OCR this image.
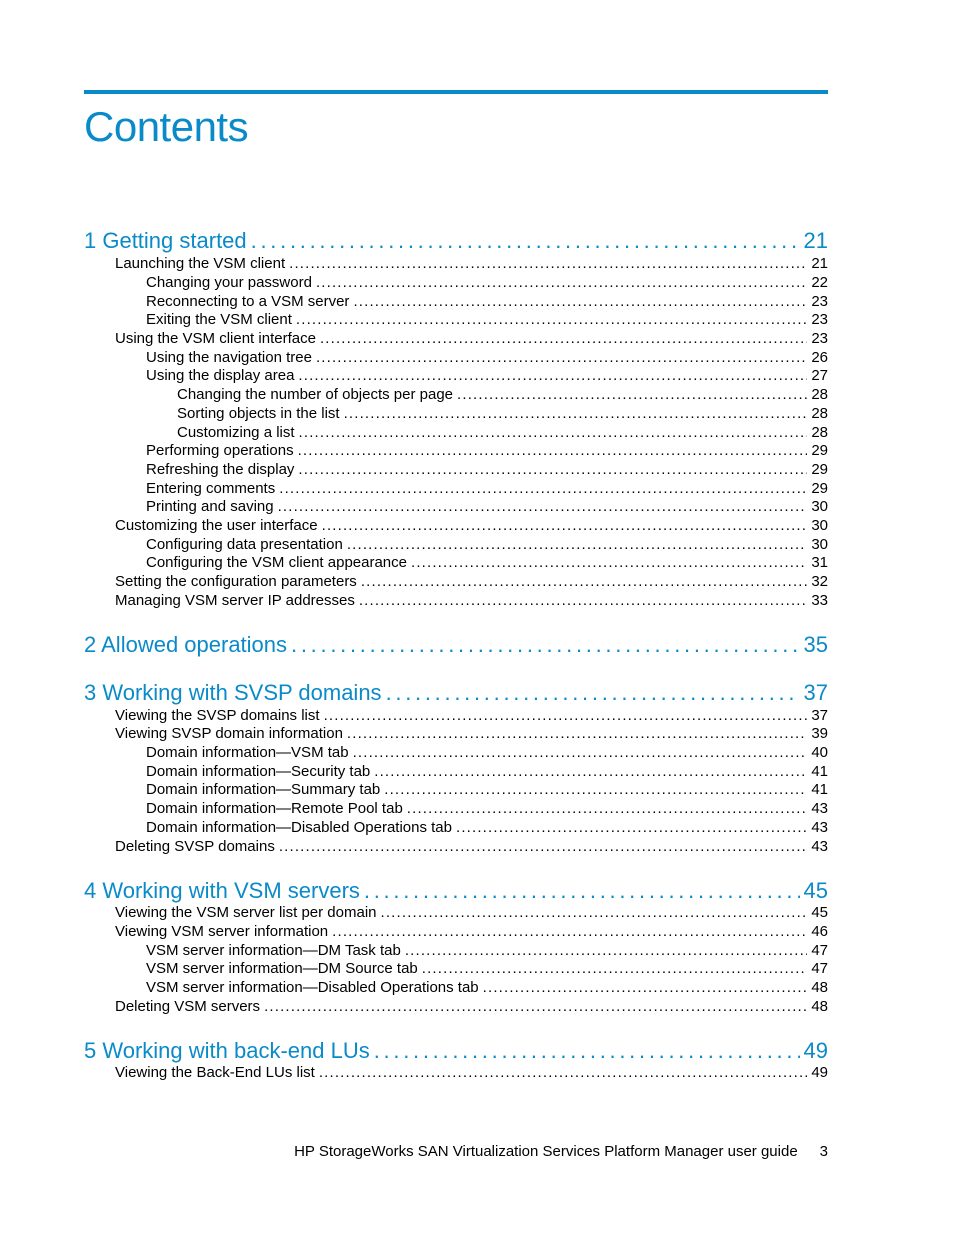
Contents
1 Getting started . . .	21
Launching the VSM client . . .	21
Changing your password . . .	22
Reconnecting to a VSM server . . .	23
Exiting the VSM client . . .	23
Using the VSM client interface . . .	23
Using the navigation tree . . .	26
Using the display area . . .	27
Changing the number of objects per page . . .	28
Sorting objects in the list . . .	28
Customizing a list . . .	28
Performing operations . . .	29
Refreshing the display . . .	29
Entering comments . . .	29
Printing and saving . . .	30
Customizing the user interface . . .	30
Configuring data presentation . . .	30
Configuring the VSM client appearance . . .	31
Setting the configuration parameters . . .	32
Managing VSM server IP addresses . . .	33
2 Allowed operations . . .	35
3 Working with SVSP domains . . .	37
Viewing the SVSP domains list . . .	37
Viewing SVSP domain information . . .	39
Domain information—VSM tab . . .	40
Domain information—Security tab . . .	41
Domain information—Summary tab . . .	41
Domain information—Remote Pool tab . . .	43
Domain information—Disabled Operations tab . . .	43
Deleting SVSP domains . . .	43
4 Working with VSM servers . . .	45
Viewing the VSM server list per domain . . .	45
Viewing VSM server information . . .	46
VSM server information—DM Task tab . . .	47
VSM server information—DM Source tab . . .	47
VSM server information—Disabled Operations tab . . .	48
Deleting VSM servers . . .	48
5 Working with back-end LUs . . .	49
Viewing the Back-End LUs list . . .	49
HP StorageWorks SAN Virtualization Services Platform Manager user guide 3
